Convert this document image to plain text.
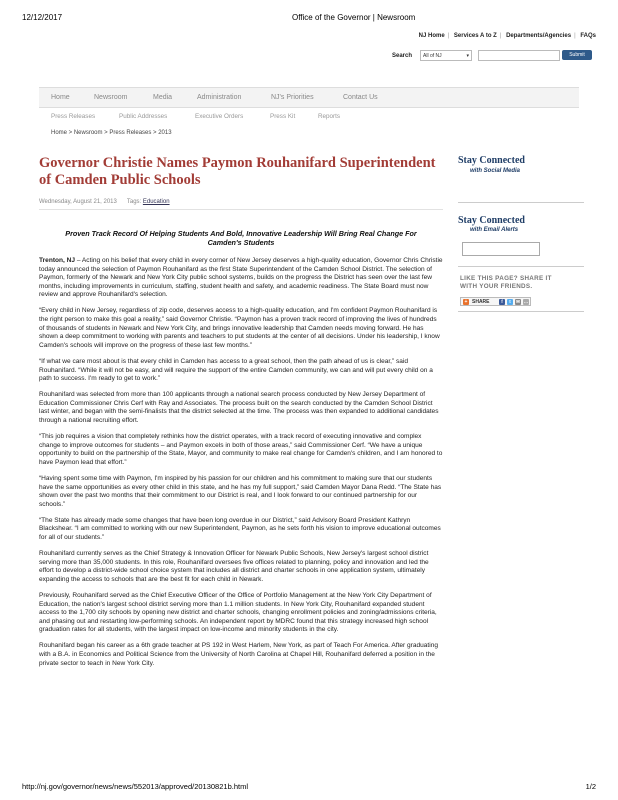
12/12/2017	Office of the Governor | Newsroom
NJ Home | Services A to Z | Departments/Agencies | FAQs
Search	All of NJ	▾	Submit
Home	Newsroom	Media	Administration	NJ's Priorities	Contact Us
Press Releases	Public Addresses	Executive Orders	Press Kit	Reports
Home > Newsroom > Press Releases > 2013
Governor Christie Names Paymon Rouhanifard Superintendent of Camden Public Schools
Wednesday, August 21, 2013 Tags: Education
Proven Track Record Of Helping Students And Bold, Innovative Leadership Will Bring Real Change For Camden's Students

Trenton, NJ – Acting on his belief that every child in every corner of New Jersey deserves a high-quality education, Governor Chris Christie today announced the selection of Paymon Rouhanifard as the first State Superintendent of the Camden School District. The selection of Paymon, formerly of the Newark and New York City public school systems, builds on the progress the District has seen over the last few months, including improvements in curriculum, staffing, student health and safety, and academic readiness. The State Board must now review and approve Rouhanifard's selection.

“Every child in New Jersey, regardless of zip code, deserves access to a high-quality education, and I'm confident Paymon Rouhanifard is the right person to make this goal a reality,” said Governor Christie. “Paymon has a proven track record of improving the lives of hundreds of thousands of students in Newark and New York City, and brings innovative leadership that Camden needs moving forward. He has shown a deep commitment to working with parents and teachers to put students at the center of all decisions. Under his leadership, I know Camden's schools will improve on the progress of these last few months.”

“If what we care most about is that every child in Camden has access to a great school, then the path ahead of us is clear,” said Rouhanifard. “While it will not be easy, and will require the support of the entire Camden community, we can and will put every child on a path to success. I'm ready to get to work.”

Rouhanifard was selected from more than 100 applicants through a national search process conducted by New Jersey Department of Education Commissioner Chris Cerf with Ray and Associates. The process built on the search conducted by the Camden School District last winter, and began with the semi-finalists that the district selected at the time. The process was then expanded to additional candidates through a national recruiting effort.

“This job requires a vision that completely rethinks how the district operates, with a track record of executing innovative and complex change to improve outcomes for students – and Paymon excels in both of those areas,” said Commissioner Cerf. “We have a unique opportunity to build on the partnership of the State, Mayor, and community to make real change for Camden's children, and I am honored to have Paymon lead that effort.”

“Having spent some time with Paymon, I'm inspired by his passion for our children and his commitment to making sure that our students have the same opportunities as every other child in this state, and he has my full support,” said Camden Mayor Dana Redd. “The State has shown over the past two months that their commitment to our District is real, and I look forward to our continued partnership for our schools.”

“The State has already made some changes that have been long overdue in our District,” said Advisory Board President Kathryn Blackshear. “I am committed to working with our new Superintendent, Paymon, as he sets forth his vision to improve educational outcomes for all of our students.”

Rouhanifard currently serves as the Chief Strategy & Innovation Officer for Newark Public Schools, New Jersey's largest school district serving more than 35,000 students. In this role, Rouhanifard oversees five offices related to planning, policy and innovation and led the effort to develop a district-wide school choice system that includes all district and charter schools in one application system, ultimately expanding the access to schools that are the best fit for each child in Newark.

Previously, Rouhanifard served as the Chief Executive Officer of the Office of Portfolio Management at the New York City Department of Education, the nation's largest school district serving more than 1.1 million students. In New York City, Rouhanifard expanded student access to the 1,700 city schools by opening new district and charter schools, changing enrollment policies and zoning/admissions criteria, and phasing out and restarting low-performing schools. An independent report by MDRC found that this strategy increased high school graduation rates for all students, with the largest impact on low-income and minority students in the city.

Rouhanifard began his career as a 6th grade teacher at PS 192 in West Harlem, New York, as part of Teach For America. After graduating with a B.A. in Economics and Political Science from the University of North Carolina at Chapel Hill, Rouhanifard deferred a position in the private sector to teach in New York City.

Stay Connected
with Social Media
Stay Connected
with Email Alerts
LIKE THIS PAGE? SHARE IT WITH YOUR FRIENDS.
+ SHARE	f	t	✉ …
http://nj.gov/governor/news/news/552013/approved/20130821b.html	1/2
